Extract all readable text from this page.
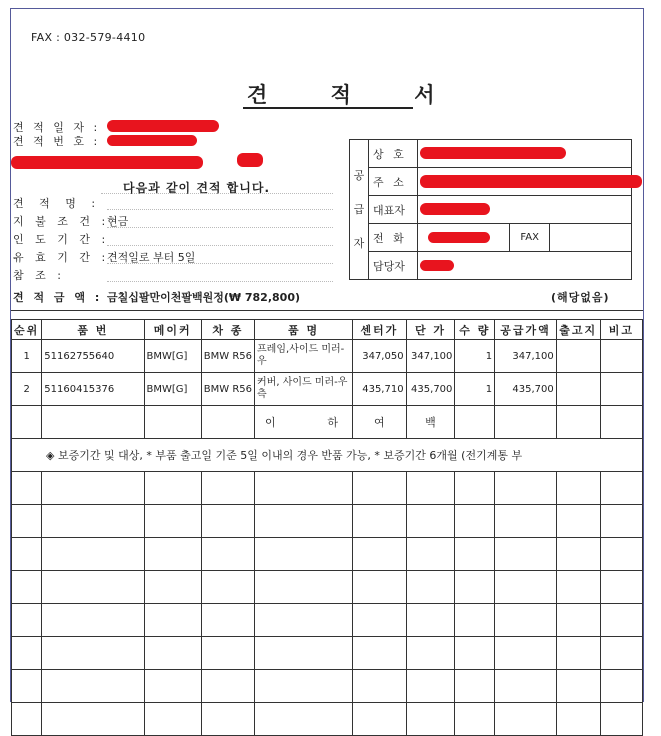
FAX : 032-579-4410
견 적 서
견 적 일 자 :
견 적 번 호 :
다음과 같이 견적 합니다.
견 적 명 :
지 불 조 건 :
현금
인 도 기 간 :
유 효 기 간 :
견적일로 부터 5일
참 조 :
견 적 금 액 : 금칠십팔만이천팔백원정(₩ 782,800)	(해당없음)
공
급
자	상 호			

	주 소			

	대표자			

	전 화		FAX	
	담당자			
순위	품 번	메이커	차 종	품 명	센터가	단 가	수 량	공급가액	출고지	비고
1	51162755640	BMW[G]	BMW R56	프레임,사이드 미러-우	347,050	347,100	1	347,100		
2	51160415376	BMW[G]	BMW R56	커버, 사이드 미러-우측	435,710	435,700	1	435,700		
				이 하	여	백				
◈ 보증기간 및 대상, * 부품 출고일 기준 5일 이내의 경우 반품 가능, * 보증기간 6개월 (전기계통 부										
